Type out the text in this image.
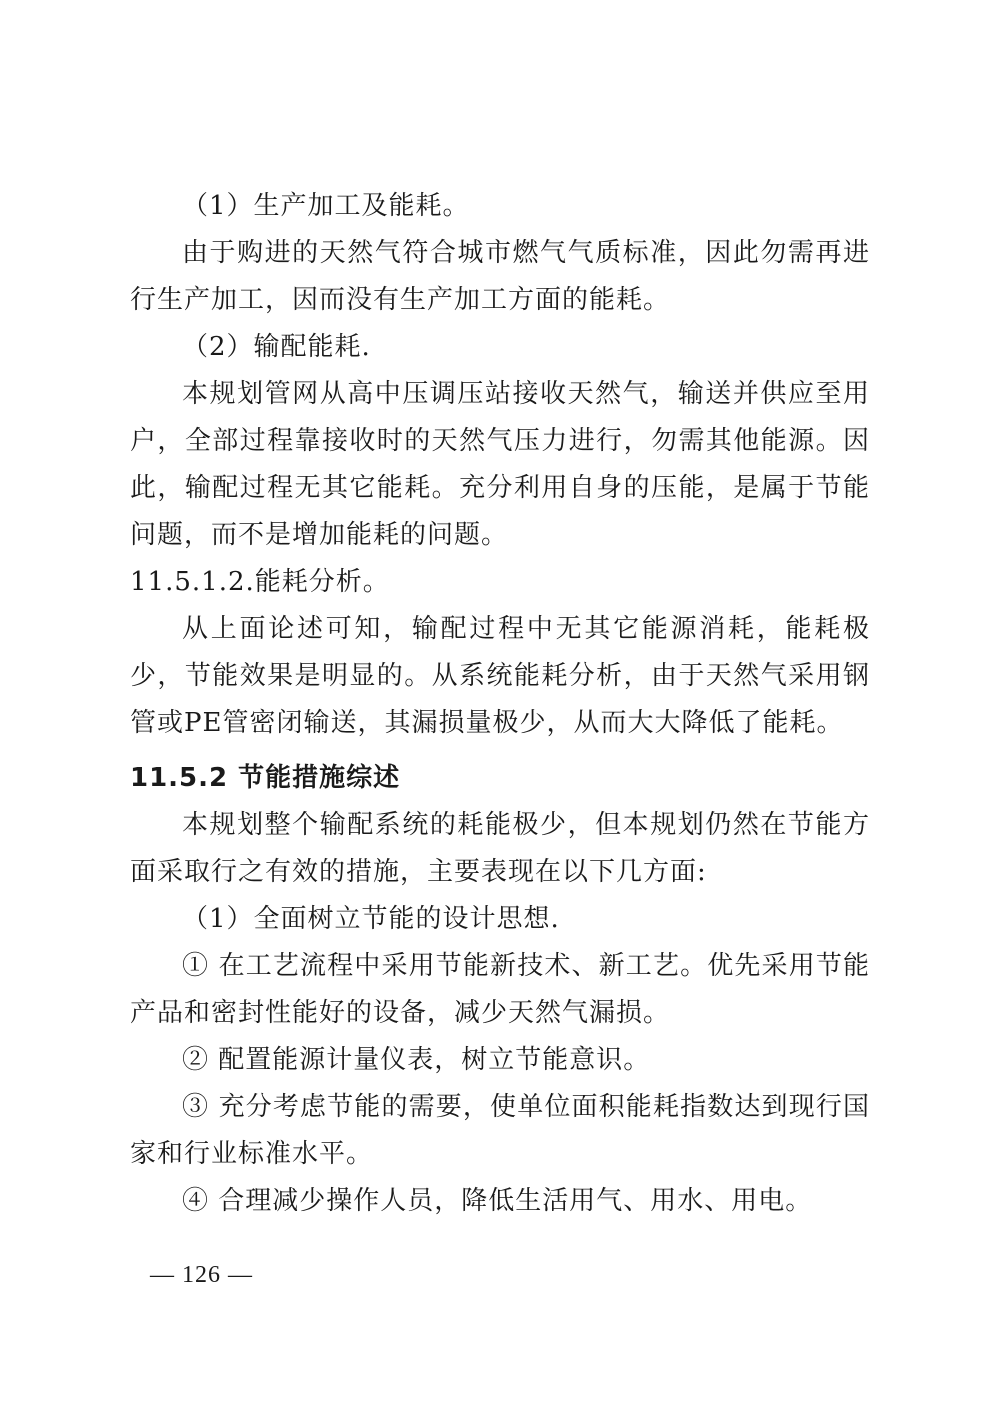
（1）生产加工及能耗。

由于购进的天然气符合城市燃气气质标准，因此勿需再进行生产加工，因而没有生产加工方面的能耗。

（2）输配能耗.

本规划管网从高中压调压站接收天然气，输送并供应至用户，全部过程靠接收时的天然气压力进行，勿需其他能源。因此，输配过程无其它能耗。充分利用自身的压能，是属于节能问题，而不是增加能耗的问题。

11.5.1.2.能耗分析。

从上面论述可知，输配过程中无其它能源消耗，能耗极少，节能效果是明显的。从系统能耗分析，由于天然气采用钢管或PE管密闭输送，其漏损量极少，从而大大降低了能耗。

11.5.2 节能措施综述

本规划整个输配系统的耗能极少，但本规划仍然在节能方面采取行之有效的措施，主要表现在以下几方面:

（1）全面树立节能的设计思想.

① 在工艺流程中采用节能新技术、新工艺。优先采用节能产品和密封性能好的设备，减少天然气漏损。

② 配置能源计量仪表，树立节能意识。

③ 充分考虑节能的需要，使单位面积能耗指数达到现行国家和行业标准水平。

④ 合理减少操作人员，降低生活用气、用水、用电。

— 126 —
